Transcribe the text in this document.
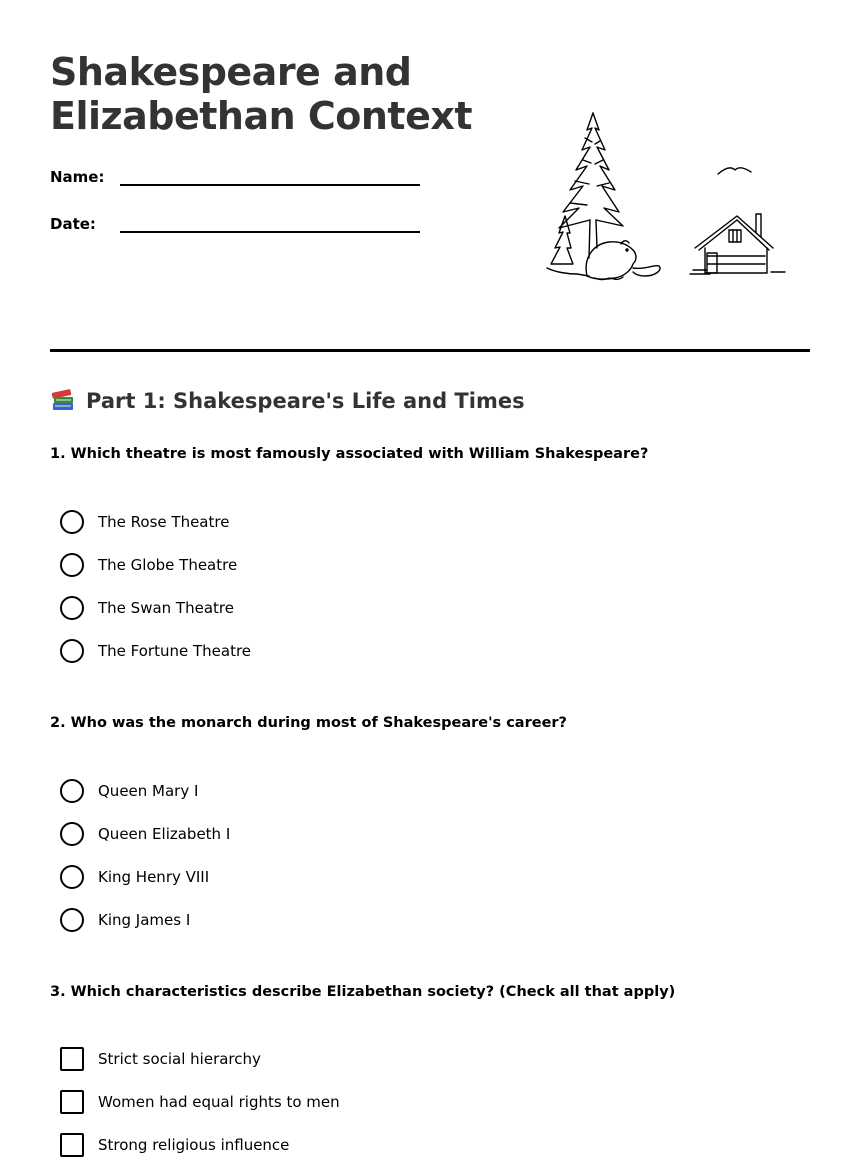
Shakespeare and
Elizabethan Context
Name:
Date:
Part 1: Shakespeare's Life and Times

1. Which theatre is most famously associated with William Shakespeare?

The Rose Theatre
The Globe Theatre
The Swan Theatre
The Fortune Theatre

2. Who was the monarch during most of Shakespeare's career?

Queen Mary I
Queen Elizabeth I
King Henry VIII
King James I

3. Which characteristics describe Elizabethan society? (Check all that apply)

Strict social hierarchy
Women had equal rights to men
Strong religious influence
